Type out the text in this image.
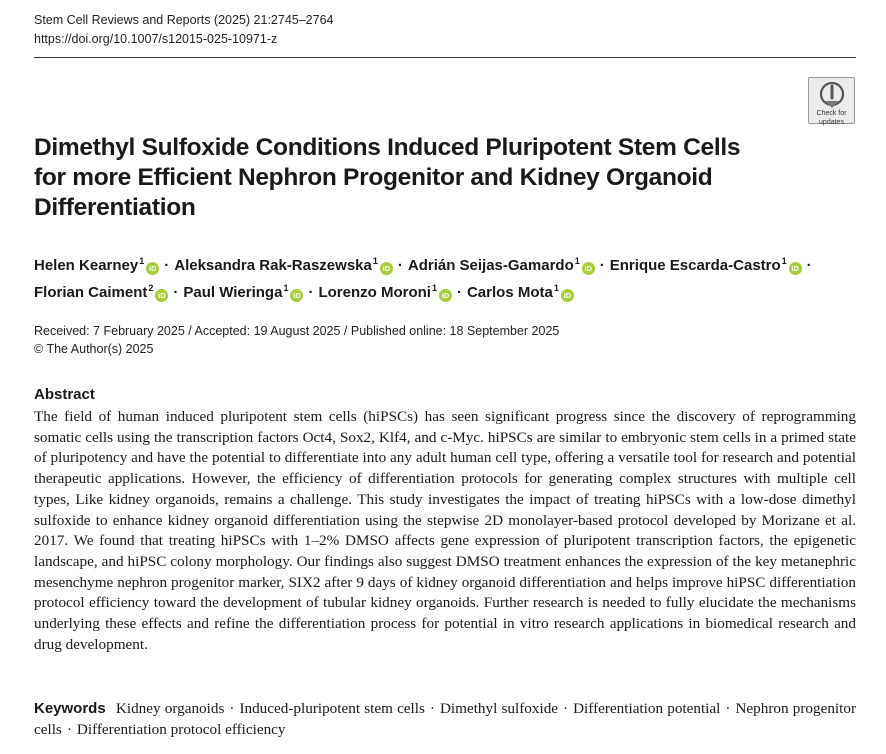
Stem Cell Reviews and Reports (2025) 21:2745–2764
https://doi.org/10.1007/s12015-025-10971-z
Check for
updates
Dimethyl Sulfoxide Conditions Induced Pluripotent Stem Cells
for more Efficient Nephron Progenitor and Kidney Organoid
Differentiation
Helen Kearney$^1$iD · Aleksandra Rak‑Raszewska$^1$iD · Adrián Seijas‑Gamardo$^1$iD · Enrique Escarda‑Castro$^1$iD ·
Florian Caiment$^2$iD · Paul Wieringa$^1$iD · Lorenzo Moroni$^1$iD · Carlos Mota$^1$iD
Received: 7 February 2025 / Accepted: 19 August 2025 / Published online: 18 September 2025
© The Author(s) 2025
Abstract

The field of human induced pluripotent stem cells (hiPSCs) has seen significant progress since the discovery of reprogramming somatic cells using the transcription factors Oct4, Sox2, Klf4, and c-Myc. hiPSCs are similar to embryonic stem cells in a primed state of pluripotency and have the potential to differentiate into any adult human cell type, offering a versatile tool for research and potential therapeutic applications. However, the efficiency of differentiation protocols for generating complex structures with multiple cell types, Like kidney organoids, remains a challenge. This study investigates the impact of treating hiPSCs with a low-dose dimethyl sulfoxide to enhance kidney organoid differentiation using the stepwise 2D monolayer-based protocol developed by Morizane et al. 2017. We found that treating hiPSCs with 1–2% DMSO affects gene expression of pluripotent transcription factors, the epigenetic landscape, and hiPSC colony morphology. Our findings also suggest DMSO treatment enhances the expression of the key metanephric mesenchyme nephron progenitor marker, SIX2 after 9 days of kidney organoid differentiation and helps improve hiPSC differentiation protocol efficiency toward the development of tubular kidney organoids. Further research is needed to fully elucidate the mechanisms underlying these effects and refine the differentiation process for potential in vitro research applications in biomedical research and drug development.

Keywords Kidney organoids · Induced-pluripotent stem cells · Dimethyl sulfoxide · Differentiation potential · Nephron progenitor cells · Differentiation protocol efficiency
